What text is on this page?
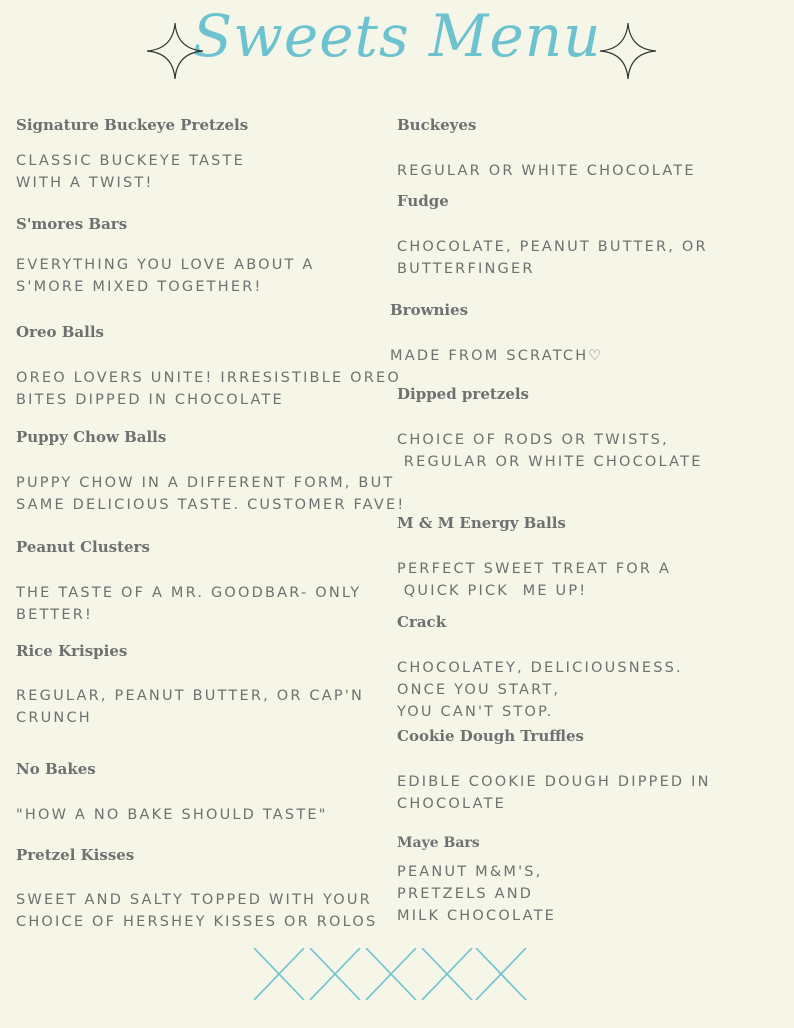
Sweets Menu
Signature Buckeye Pretzels
CLASSIC BUCKEYE TASTE
WITH A TWIST!
S'mores Bars
EVERYTHING YOU LOVE ABOUT A
S'MORE MIXED TOGETHER!
Oreo Balls
OREO LOVERS UNITE! IRRESISTIBLE OREO
BITES DIPPED IN CHOCOLATE
Puppy Chow Balls
PUPPY CHOW IN A DIFFERENT FORM, BUT
SAME DELICIOUS TASTE. CUSTOMER FAVE!
Peanut Clusters
THE TASTE OF A MR. GOODBAR- ONLY
BETTER!
Rice Krispies
REGULAR, PEANUT BUTTER, OR CAP'N
CRUNCH
No Bakes
"HOW A NO BAKE SHOULD TASTE"
Pretzel Kisses
SWEET AND SALTY TOPPED WITH YOUR
CHOICE OF HERSHEY KISSES OR ROLOS
Buckeyes
REGULAR OR WHITE CHOCOLATE
Fudge
CHOCOLATE, PEANUT BUTTER, OR
BUTTERFINGER
Brownies
MADE FROM SCRATCH♡
Dipped pretzels
CHOICE OF RODS OR TWISTS,
REGULAR OR WHITE CHOCOLATE
M & M Energy Balls
PERFECT SWEET TREAT FOR A
QUICK PICK  ME UP!
Crack
CHOCOLATEY, DELICIOUSNESS.
ONCE YOU START,
YOU CAN'T STOP.
Cookie Dough Truffles
EDIBLE COOKIE DOUGH DIPPED IN
CHOCOLATE
Maye Bars
PEANUT M&M'S,
PRETZELS AND
MILK CHOCOLATE
